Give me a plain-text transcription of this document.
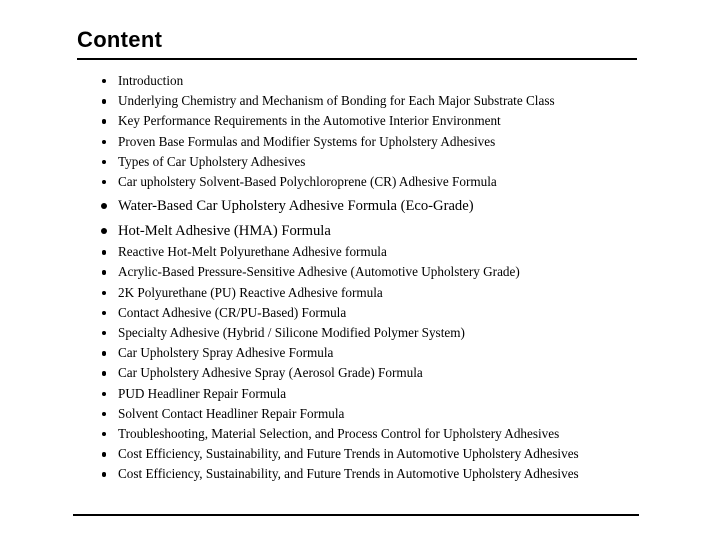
Content
Introduction
Underlying Chemistry and Mechanism of Bonding for Each Major Substrate Class
Key Performance Requirements in the Automotive Interior Environment
Proven Base Formulas and Modifier Systems for Upholstery Adhesives
Types of Car Upholstery Adhesives
Car upholstery Solvent-Based Polychloroprene (CR) Adhesive Formula
Water-Based Car Upholstery Adhesive Formula (Eco-Grade)
Hot-Melt Adhesive (HMA) Formula
Reactive Hot-Melt Polyurethane Adhesive formula
Acrylic-Based Pressure-Sensitive Adhesive (Automotive Upholstery Grade)
2K Polyurethane (PU) Reactive Adhesive formula
Contact Adhesive (CR/PU-Based) Formula
Specialty Adhesive (Hybrid / Silicone Modified Polymer System)
Car Upholstery Spray Adhesive Formula
Car Upholstery Adhesive Spray (Aerosol Grade) Formula
PUD Headliner Repair Formula
Solvent Contact Headliner Repair Formula
Troubleshooting, Material Selection, and Process Control for Upholstery Adhesives
Cost Efficiency, Sustainability, and Future Trends in Automotive Upholstery Adhesives
Cost Efficiency, Sustainability, and Future Trends in Automotive Upholstery Adhesives
